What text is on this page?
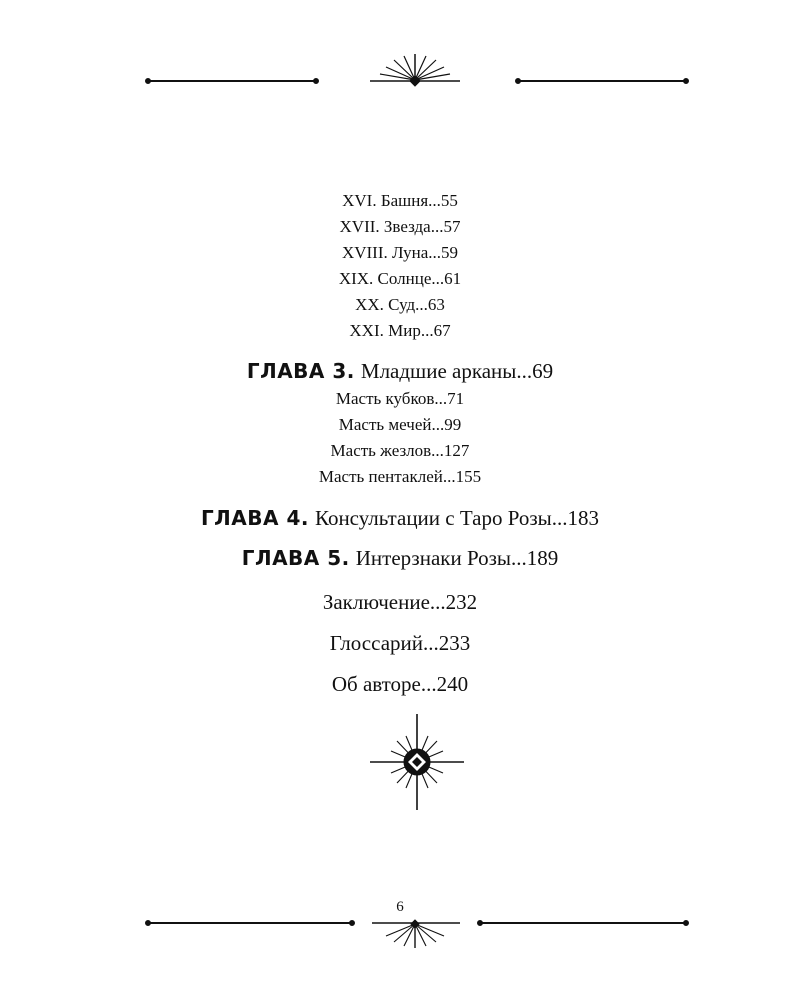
XVI. Башня...55
XVII. Звезда...57
XVIII. Луна...59
XIX. Солнце...61
XX. Суд...63
XXI. Мир...67
ГЛАВА 3. Младшие арканы...69
Масть кубков...71
Масть мечей...99
Масть жезлов...127
Масть пентаклей...155
ГЛАВА 4. Консультации с Таро Розы...183
ГЛАВА 5. Интерзнаки Розы...189
Заключение...232
Глоссарий...233
Об авторе...240
6
